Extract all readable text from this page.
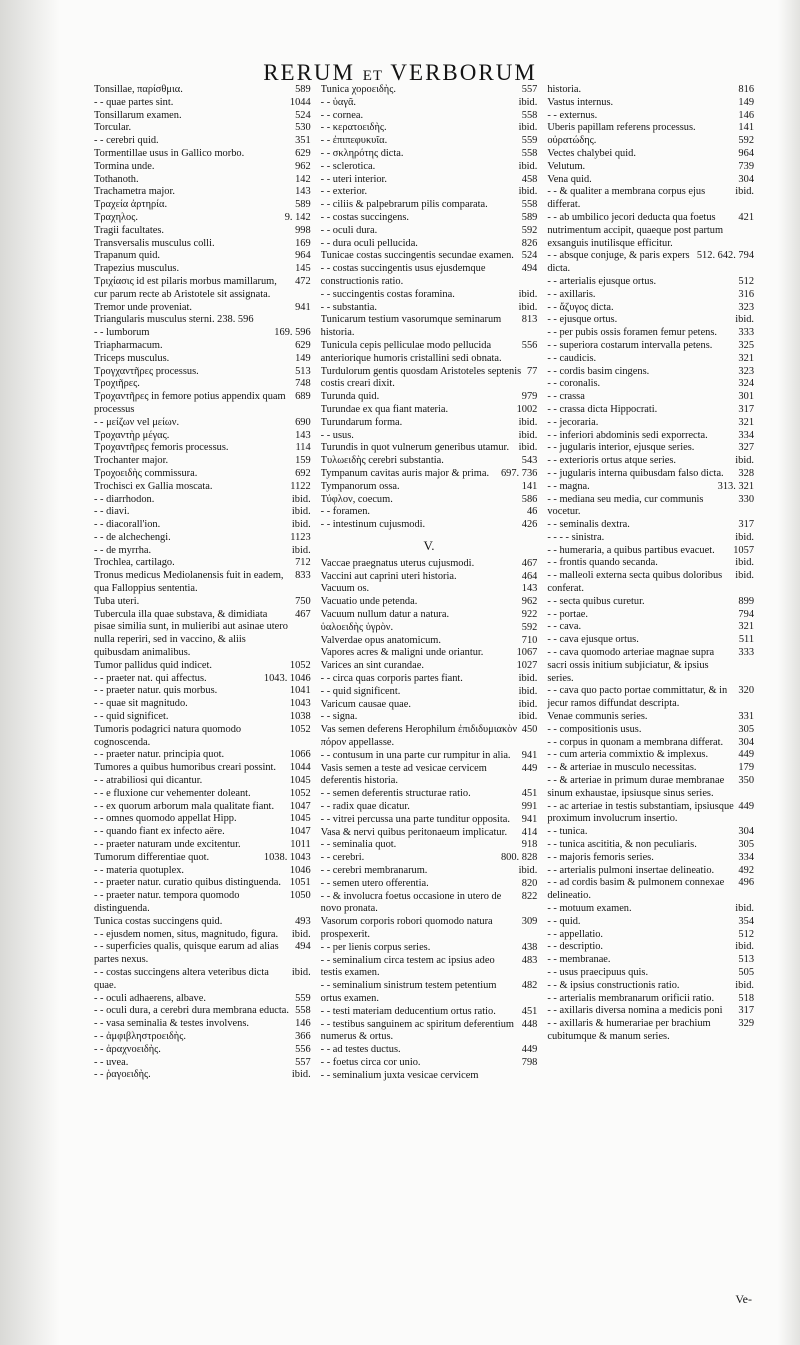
RERUM ET VERBORUM
Tonsillae, παρίσθμια.	589
- - quae partes sint.	1044
Tonsillarum examen.	524
Torcular.	530
- - cerebri quid.	351
Tormentillae usus in Gallico morbo.	629
Tormina unde.	962
Tothanoth.	142
Trachametra major.	143
Τραχεία ἀρτηρία.	589
Τραχηλος.	9. 142
Tragii facultates.	998
Transversalis musculus colli.	169
Trapanum quid.	964
Trapezius musculus.	145
Τριχίασις id est pilaris morbus mamillarum, cur parum recte ab Aristotele sit assignata.
472
Tremor unde proveniat.	941
Triangularis musculus sterni. 238. 596
- - lumborum	169. 596
Triapharmacum.	629
Triceps musculus.	149
Τρογχαντῆρες processus.	513
Τροχιῆρες.	748
Τροχαντῆρες in femore potius appendix quam processus
689
- - μείζων vel μείων.	690
Τροχαντὴρ μέγας.	143
Τροχαντῆρες femoris processus.	114
Trochanter major.	159
Τροχοειδὴς commissura.	692
Trochisci ex Gallia moscata.	1122
- - diarrhodon.	ibid.
- - diavi.	ibid.
- - diacorall'ion.	ibid.
- - de alchechengi.	1123
- - de myrrha.	ibid.
Trochlea, cartilago.	712
Tronus medicus Mediolanensis fuit in eadem, qua Falloppius sententia.
833
Tuba uteri.	750
Tubercula illa quae substava, & dimidiata pisae similia sunt, in mulieribi aut asinae utero nulla reperiri, sed in vaccino, & aliis quibusdam animalibus.
467
Tumor pallidus quid indicet.	1052
- - praeter nat. qui affectus.	1043. 1046
- - praeter natur. quis morbus.	1041
- - quae sit magnitudo.	1043
- - quid significet.	1038
Tumoris podagrici natura quomodo cognoscenda.
1052
- - praeter natur. principia quot.	1066
Tumores a quibus humoribus creari possint.	1044
- - atrabiliosi qui dicantur.	1045
- - e fluxione cur vehementer doleant.	1052
- - ex quorum arborum mala qualitate fiant.	1047
- - omnes quomodo appellat Hipp.	1045
- - quando fiant ex infecto aëre.	1047
- - praeter naturam unde excitentur.	1011
Tumorum differentiae quot.	1038. 1043
- - materia quotuplex.	1046
- - praeter natur. curatio quibus distinguenda. 1051
- - praeter natur. tempora quomodo distinguenda.
1050
Tunica costas succingens quid.	493
- - ejusdem nomen, situs, magnitudo, figura.	ibid.
- - superficies qualis, quisque earum ad alias partes nexus.
494
- - costas succingens altera veteribus dicta quae.
ibid.
- - oculi adhaerens, albave.	559
- - oculi dura, a cerebri dura membrana educta. 558
- - vasa seminalia & testes involvens.	146
- - ἀμφιβληστροειδὴς.	366
- - ἀραχνοειδὴς.	556
- - uvea.	557
- - ῥαγοειδὴς.	ibid.
Tunica χοροειδὴς.	557
- - ὑαγᾶ.	ibid.
- - cornea.	558
- - κερατοειδὴς.	ibid.
- - ἐπιπεφυκυῖα.	559
- - σκληρότης dicta.	558
- - sclerotica.	ibid.
- - uteri interior.	458
- - exterior.	ibid.
- - ciliis & palpebrarum pilis comparata.	558
- - costas succingens.	589
- - oculi dura.	592
- - dura oculi pellucida.	826
Tunicae costas succingentis secundae examen. 524
- - costas succingentis usus ejusdemque constructionis ratio.
494
- - succingentis costas foramina.	ibid.
- - substantia.	ibid.
Tunicarum testium vasorumque seminarum historia.
813
Tunicula cepis pelliculae modo pellucida anteriorique humoris cristallini sedi obnata.
556
Turdulorum gentis quosdam Aristoteles septenis costis creari dixit.
77
Turunda quid.	979
Turundae ex qua fiant materia.	1002
Turundarum forma.	ibid.
- - usus.	ibid.
Turundis in quot vulnerum generibus utamur. ibid.
Τυλωειδὴς cerebri substantia.	543
Tympanum cavitas auris major & prima.	697. 736
Tympanorum ossa.	141
Τύφλον, coecum.	586
- - foramen.	46
- - intestinum cujusmodi.	426
V.
Vaccae praegnatus uterus cujusmodi.	467
Vaccini aut caprini uteri historia.	464
Vacuum os.	143
Vacuatio unde petenda.	962
Vacuum nullum datur a natura.	922
ὑαλοειδὴς ὑγρὸν.	592
Valverdae opus anatomicum.	710
Vapores acres & maligni unde oriantur.	1067
Varices an sint curandae.	1027
- - circa quas corporis partes fiant.	ibid.
- - quid significent.	ibid.
Varicum causae quae.	ibid.
- - signa.	ibid.
Vas semen deferens Herophilum ἐπιδιδυμιακὸν πόρον appellasse.
450
- - contusum in una parte cur rumpitur in alia.	941
Vasis semen a teste ad vesicae cervicem deferentis historia.
449
- - semen deferentis structurae ratio.	451
- - radix quae dicatur.	991
- - vitrei percussa una parte tunditur opposita.	941
Vasa & nervi quibus peritonaeum implicatur.	414
- - seminalia quot.	918
- - cerebri.	800. 828
- - cerebri membranarum.	ibid.
- - semen utero offerentia.	820
- - & involucra foetus occasione in utero de novo pronata.
822
Vasorum corporis robori quomodo natura prospexerit.
309
- - per lienis corpus series.	438
- - seminalium circa testem ac ipsius adeo testis examen.
483
- - seminalium sinistrum testem petentium ortus examen.
482
- - testi materiam deducentium ortus ratio.	451
- - testibus sanguinem ac spiritum deferentium numerus & ortus.
448
- - ad testes ductus.	449
- - foetus circa cor unio.	798
- - seminalium juxta vesicae cervicem
historia.	816
Vastus internus.	149
- - externus.	146
Uberis papillam referens processus.	141
οὐρατώδης.	592
Vectes chalybei quid.	964
Velutum.	739
Vena quid.	304
- - & qualiter a membrana corpus ejus differat.
ibid.
- - ab umbilico jecori deducta qua foetus nutrimentum accipit, quaeque post partum exsanguis inutilisque efficitur.
421
- - absque conjuge, & paris expers dicta.
512. 642. 794
- - arterialis ejusque ortus.	512
- - axillaris.	316
- - ἄζυγος dicta.	323
- - ejusque ortus.	ibid.
- - per pubis ossis foramen femur petens.	333
- - superiora costarum intervalla petens.	325
- - caudicis.	321
- - cordis basim cingens.	323
- - coronalis.	324
- - crassa	301
- - crassa dicta Hippocrati.	317
- - jecoraria.	321
- - inferiori abdominis sedi exporrecta.	334
- - jugularis interior, ejusque series.	327
- - exterioris ortus atque series.	ibid.
- - jugularis interna quibusdam falso dicta.	328
- - magna.	313. 321
- - mediana seu media, cur communis vocetur.
330
- - seminalis dextra.	317
- - - - sinistra.	ibid.
- - humeraria, a quibus partibus evacuet.	1057
- - frontis quando secanda.	ibid.
- - malleoli externa secta quibus doloribus conferat.
ibid.
- - secta quibus curetur.	899
- - portae.	794
- - cava.	321
- - cava ejusque ortus.	511
- - cava quomodo arteriae magnae supra sacri ossis initium subjiciatur, & ipsius series.
333
- - cava quo pacto portae committatur, & in jecur ramos diffundat descripta.
320
Venae communis series.	331
- - compositionis usus.	305
- - corpus in quonam a membrana differat.	304
- - cum arteria commixtio & implexus.	449
- - & arteriae in musculo necessitas.	179
- - & arteriae in primum durae membranae sinum exhaustae, ipsiusque sinus series.
350
- - ac arteriae in testis substantiam, ipsiusque proximum involucrum insertio.
449
- - tunica.	304
- - tunica ascititia, & non peculiaris.	305
- - majoris femoris series.	334
- - arterialis pulmoni insertae delineatio.	492
- - ad cordis basim & pulmonem connexae delineatio.
496
- - motuum examen.	ibid.
- - quid.	354
- - appellatio.	512
- - descriptio.	ibid.
- - membranae.	513
- - usus praecipuus quis.	505
- - & ipsius constructionis ratio.	ibid.
- - arterialis membranarum orificii ratio.	518
- - axillaris diversa nomina a medicis poni	317
- - axillaris & humerariae per brachium cubitumque & manum series.
329
Ve-
